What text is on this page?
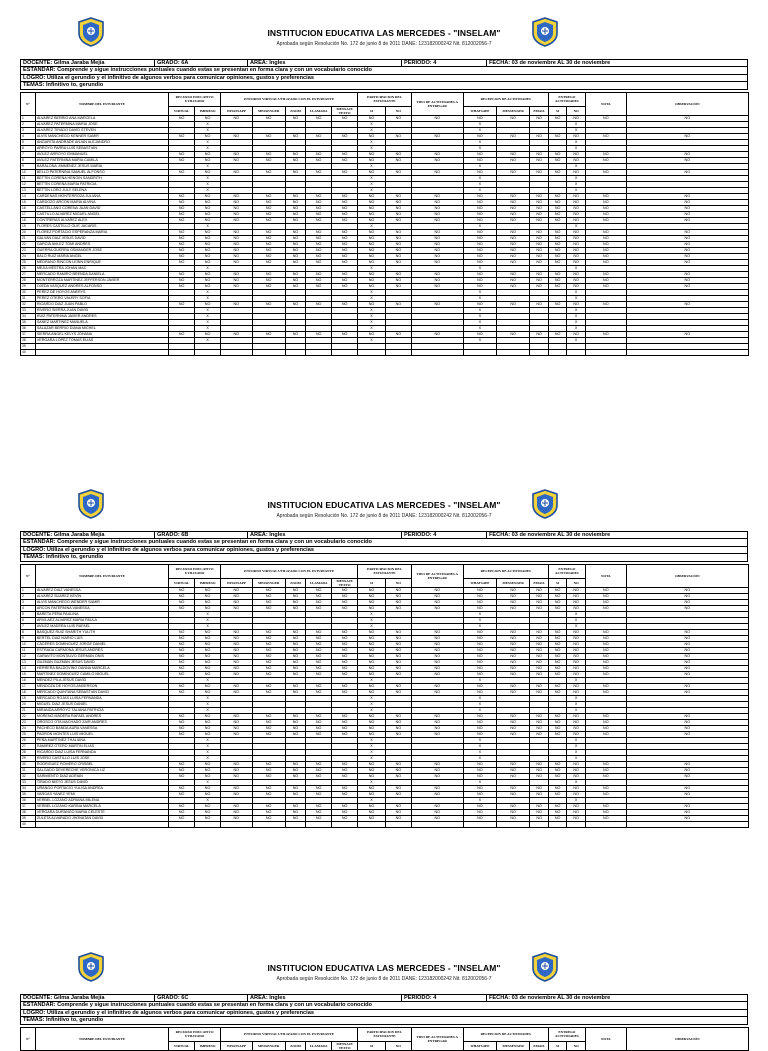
INSTITUCION EDUCATIVA LAS MERCEDES - "INSELAM"
Aprobada según Resolución No. 172 de junio 8 de 2011 DANE: 123182000242 Nit. 812002056-7
DOCENTE: Gilma Jaraba Mejía	GRADO: 6A	AREA: Ingles	PERIODO: 4	FECHA: 03 de noviembre AL 30 de noviembre
ESTANDAR: Comprende y sigue instrucciones puntuales cuando estas se presentan en forma clara y con un vocabulario conocido
LOGRO: Utiliza el gerundio y el infinitivo de algunos verbos para comunicar opiniones, gustos y preferencias
TEMAS: Infinitivo to, gerundio
N°	NOMBRE DEL ESTUDIANTE	RECURSO EDUCATIVO UTILIZADO		ENTORNO VIRTUAL UTILIZADO CON EL ESTUDIANTE					PARTICIPACION DEL ESTUDIANTE		TIPO DE ACTIVIDADES A ENTREGAR	RECEPCION DE ACTIVIDADES			ENTREGO ACTIVIDADES		NOTA	OBSERVACIÓN	
		VIRTUAL	IMPRESO	WHATSAPP	MESSENGER	ZOOM	LLAMADA	MENSAJE TEXTO	SI	NO		WHATSAPP	MESSENGER	EMAIL	SI	NO			
1	ALVAREZ BERRIO ANA MARCELA	NO	NO	NO	NO	NO	NO	NO	NO	NO	NO	NO	NO	NO	NO	NO	NO	NO	
2	ALVAREZ PATERNINA MARIA JOSE		X						X			X				X			
3	ALVAREZ TIRADO DAVID STEVEN		X						X			X				X			
4	ALVIS MANCHEGO KENNER SAMIR	NO	NO	NO	NO	NO	NO	NO	NO	NO	NO	NO	NO	NO	NO	NO	NO	NO	
5	ANGARITA ANDRADE ANJAN ALEJANDRO		X						X			X				X			
6	ARROYO PARRA LUIS SEBASTIAN		X						X			X				X			
7	AVILEZ ARROYO EMMANUEL	NO	NO	NO	NO	NO	NO	NO	NO	NO	NO	NO	NO	NO	NO	NO	NO	NO	
8	AVILEZ PATERNINA MARIA CAMILA	NO	NO	NO	NO	NO	NO	NO	NO	NO	NO	NO	NO	NO	NO	NO	NO	NO	
9	BARALONA JIMMENEZ JESUS MARIA		X						X			X				X			
10	BELLO PATERNINA SAMUEL ALFONSO	NO	NO	NO	NO	NO	NO	NO	NO	NO	NO	NO	NO	NO	NO	NO	NO	NO	
11	BETTIN CORENA HENOIN SANDRITH		X						X			X				X			
12	BETTIN CORENA MARIA PATRICIA		X						X			X				X			
13	BETTIN LORO JULY SELENA		X						X			X				X			
14	CARDENAS MONTERROZA JULIANA	NO	NO	NO	NO	NO	NO	NO	NO	NO	NO	NO	NO	NO	NO	NO	NO	NO	
15	CARDOZO ARCON MARIA ALVINA	NO	NO	NO	NO	NO	NO	NO	NO	NO	NO	NO	NO	NO	NO	NO	NO	NO	
16	CASTELLANO CORENA JUAN DAVID	NO	NO	NO	NO	NO	NO	NO	NO	NO	NO	NO	NO	NO	NO	NO	NO	NO	
17	CASTILLO ALVAREZ MIGUEL ANGEL	NO	NO	NO	NO	NO	NO	NO	NO	NO	NO	NO	NO	NO	NO	NO	NO	NO	
18	CONTRERAS ALVAREZ ALEX	NO	NO	NO	NO	NO	NO	NO	NO	NO	NO	NO	NO	NO	NO	NO	NO	NO	
19	FLORES CASTILLO OLIE JACARIS		X						X			X				X			
20	FLOREZ PORTACIO ESPERANZA MARIA	NO	NO	NO	NO	NO	NO	NO	NO	NO	NO	NO	NO	NO	NO	NO	NO	NO	
21	GALVAN DIAZ JESUS DAVID	NO	NO	NO	NO	NO	NO	NO	NO	NO	NO	NO	NO	NO	NO	NO	NO	NO	
22	GARCIA AVILEZ TOMI ANDRES	NO	NO	NO	NO	NO	NO	NO	NO	NO	NO	NO	NO	NO	NO	NO	NO	NO	
23	GUERRA GUERRA OSMANDER JOSE	NO	NO	NO	NO	NO	NO	NO	NO	NO	NO	NO	NO	NO	NO	NO	NO	NO	
24	BALO RUIZ MARIA ANGEL	NO	NO	NO	NO	NO	NO	NO	NO	NO	NO	NO	NO	NO	NO	NO	NO	NO	
25	MEDRANO RINCON LEINN ENRIQUE	NO	NO	NO	NO	NO	NO	NO	NO	NO	NO	NO	NO	NO	NO	NO	NO	NO	
26	MEJIA MESTRA JOHAN MAC		X						X			X				X			
27	MERCADO RAMIRO BRENDA DANIELA	NO	NO	NO	NO	NO	NO	NO	NO	NO	NO	NO	NO	NO	NO	NO	NO	NO	
28	MONTERROZA MARTINEZ JEFFERSON JAVIER	NO	NO	NO	NO	NO	NO	NO	NO	NO	NO	NO	NO	NO	NO	NO	NO	NO	
29	OJEDA VASQUEZ ANDRES ALFONSO	NO	NO	NO	NO	NO	NO	NO	NO	NO	NO	NO	NO	NO	NO	NO	NO	NO	
30	PEREZ DE HOYOS ANERYS		X						X			X				X			
31	PEREZ OTERO VALERY SOFIA		X						X			X				X			
32	RICARDO DIAZ JUAN PABLO	NO	NO	NO	NO	NO	NO	NO	NO	NO	NO	NO	NO	NO	NO	NO	NO	NO	
33	RIVERO SIERRA JUAN DAVID		X						X			X				X			
34	RUIZ PATERNINA JAVIER ANDRES		X						X			X				X			
35	SANEZ MARTINEZ MANUELA		X						X			X				X			
36	SALAZAR BERRIO DIANA MICHEL		X						X			X				X			
37	SIERRA ANGEL KELYS JOHANA	NO	NO	NO	NO	NO	NO	NO	NO	NO	NO	NO	NO	NO	NO	NO	NO	NO	
38	VERGARA LOPEZ TOMAS ELIAS		X						X			X				X			
39																			
40																			
INSTITUCION EDUCATIVA LAS MERCEDES - "INSELAM"
Aprobada según Resolución No. 172 de junio 8 de 2011 DANE: 123182000242 Nit. 812002056-7
DOCENTE: Gilma Jaraba Mejía	GRADO: 6B	AREA: Ingles	PERIODO: 4	FECHA: 03 de noviembre AL 30 de noviembre
ESTANDAR: Comprende y sigue instrucciones puntuales cuando estas se presentan en forma clara y con un vocabulario conocido
LOGRO: Utiliza el gerundio y el infinitivo de algunos verbos para comunicar opiniones, gustos y preferencias
TEMAS: Infinitivo to, gerundio
N°	NOMBRE DEL ESTUDIANTE	RECURSO EDUCATIVO UTILIZADO		ENTORNO VIRTUAL UTILIZADO CON EL ESTUDIANTE					PARTICIPACION DEL ESTUDIANTE		TIPO DE ACTIVIDADES A ENTREGAR	RECEPCION DE ACTIVIDADES			ENTREGO ACTIVIDADES		NOTA	OBSERVACIÓN	
		VIRTUAL	IMPRESO	WHATSAPP	MESSENGER	ZOOM	LLAMADA	MENSAJE TEXTO	SI	NO		WHATSAPP	MESSENGER	EMAIL	SI	NO			
1	ALVAREZ DIAZ VANESSA	NO	NO	NO	NO	NO	NO	NO	NO	NO	NO	NO	NO	NO	NO	NO	NO	NO	
2	ALVAREZ SUAREZ KEVIN	NO	NO	NO	NO	NO	NO	NO	NO	NO	NO	NO	NO	NO	NO	NO	NO	NO	
3	ALVIS MANCHEGO WENDER SAMIR	NO	NO	NO	NO	NO	NO	NO	NO	NO	NO	NO	NO	NO	NO	NO	NO	NO	
4	ARCON PATERNINA VANESSA	NO	NO	NO	NO	NO	NO	NO	NO	NO	NO	NO	NO	NO	NO	NO	NO	NO	
5	BARETA PEÑA PAULINA		X						X			X				X			
6	ARVILAEZ ALVAREZ MARIA PAULA		X						X			X				X			
7	AVILEZ MADERA LUIS RAFAEL		X						X			X				X			
8	BASQUEZ RUIZ SHARITH YULITH	NO	NO	NO	NO	NO	NO	NO	NO	NO	NO	NO	NO	NO	NO	NO	NO	NO	
9	BERTEL DIAZ MARIO LUIS	NO	NO	NO	NO	NO	NO	NO	NO	NO	NO	NO	NO	NO	NO	NO	NO	NO	
10	CACERES DOMINGUEZ JORGE DANIEL	NO	NO	NO	NO	NO	NO	NO	NO	NO	NO	NO	NO	NO	NO	NO	NO	NO	
11	ESTRADA CARMONA JESUS ANDRES	NO	NO	NO	NO	NO	NO	NO	NO	NO	NO	NO	NO	NO	NO	NO	NO	NO	
12	GARAVITO MONTALVO GERMAN ONIS	NO	NO	NO	NO	NO	NO	NO	NO	NO	NO	NO	NO	NO	NO	NO	NO	NO	
13	GUZMAN GUZMAN JESUS DAVID	NO	NO	NO	NO	NO	NO	NO	NO	NO	NO	NO	NO	NO	NO	NO	NO	NO	
14	HERRERA BALDOVINO DANNA MARCELA	NO	NO	NO	NO	NO	NO	NO	NO	NO	NO	NO	NO	NO	NO	NO	NO	NO	
15	MARTINEZ DOMINGUEZ CAMILO MIGUEL	NO	NO	NO	NO	NO	NO	NO	NO	NO	NO	NO	NO	NO	NO	NO	NO	NO	
16	MENDEZ PILA JESUS DAVID		X						X			X				X			
17	MENDOZA DE HOYOS ANDERSON	NO	NO	NO	NO	NO	NO	NO	NO	NO	NO	NO	NO	NO	NO	NO	NO	NO	
18	MERCADO QUINTANA SEBASTIAN DAVID	NO	NO	NO	NO	NO	NO	NO	NO	NO	NO	NO	NO	NO	NO	NO	NO	NO	
19	MERCADO ROJAS LUISA FERNANDA		X						X			X				X			
20	MIGUEL DIAZ JESUS DANIEL		X						X			X				X			
21	MIRANDA ARROYO TALIANA PATRICIA		X						X			X				X			
22	MORENO MADERA RAFAEL ANDRES	NO	NO	NO	NO	NO	NO	NO	NO	NO	NO	NO	NO	NO	NO	NO	NO	NO	
23	OROSCO OTA MACHADO ZAIR ANDRES	NO	NO	NO	NO	NO	NO	NO	NO	NO	NO	NO	NO	NO	NO	NO	NO	NO	
24	PACHECO BANDA AURA VANESSA	NO	NO	NO	NO	NO	NO	NO	NO	NO	NO	NO	NO	NO	NO	NO	NO	NO	
25	PADRON MONTES LUIS MIGUEL	NO	NO	NO	NO	NO	NO	NO	NO	NO	NO	NO	NO	NO	NO	NO	NO	NO	
26	PEÑA MARTINEZ THALIANA		X						X			X				X			
27	RAMIREZ OTERO MARTIN ELIAS		X						X			X				X			
28	RICARDO DIAZ LUISA FERNANDA		X						X			X				X			
29	RIVERO CASTILLO LUIS JOSE		X						X			X				X			
30	RODRIGUEZ ROMERO CRISBEL	NO	NO	NO	NO	NO	NO	NO	NO	NO	NO	NO	NO	NO	NO	NO	NO	NO	
31	SALGADO DEVERECHE VERONICA LIZ	NO	NO	NO	NO	NO	NO	NO	NO	NO	NO	NO	NO	NO	NO	NO	NO	NO	
32	SARMIENTO DIAZ ADRIAN	NO	NO	NO	NO	NO	NO	NO	NO	NO	NO	NO	NO	NO	NO	NO	NO	NO	
33	TIRADO NIETO JESUS DAVID		X						X			X				X			
34	URANGO PORTACIO YULISA ANDREA	NO	NO	NO	NO	NO	NO	NO	NO	NO	NO	NO	NO	NO	NO	NO	NO	NO	
35	VARGAS YANEZ YEMI	NO	NO	NO	NO	NO	NO	NO	NO	NO	NO	NO	NO	NO	NO	NO	NO	NO	
36	VERBEL LOZANO ADRIANA MILENA		X						X			X				X			
37	VERBEL LOZANO KARINA MARCELA	NO	NO	NO	NO	NO	NO	NO	NO	NO	NO	NO	NO	NO	NO	NO	NO	NO	
38	VERGARA DURANGO MARIA CELESTE	NO	NO	NO	NO	NO	NO	NO	NO	NO	NO	NO	NO	NO	NO	NO	NO	NO	
39	ZULETA ALVARADO JHONATAN DAVID	NO	NO	NO	NO	NO	NO	NO	NO	NO	NO	NO	NO	NO	NO	NO	NO	NO	
40																			
INSTITUCION EDUCATIVA LAS MERCEDES - "INSELAM"
Aprobada según Resolución No. 172 de junio 8 de 2011 DANE: 123182000242 Nit. 812002056-7
DOCENTE: Gilma Jaraba Mejía	GRADO: 6C	AREA: Ingles	PERIODO: 4	FECHA: 03 de noviembre AL 30 de noviembre
ESTANDAR: Comprende y sigue instrucciones puntuales cuando estas se presentan en forma clara y con un vocabulario conocido
LOGRO: Utiliza el gerundio y el infinitivo de algunos verbos para comunicar opiniones, gustos y preferencias
TEMAS: Infinitivo to, gerundio
N°	NOMBRE DEL ESTUDIANTE	RECURSO EDUCATIVO UTILIZADO		ENTORNO VIRTUAL UTILIZADO CON EL ESTUDIANTE					PARTICIPACION DEL ESTUDIANTE		TIPO DE ACTIVIDADES A ENTREGAR	RECEPCION DE ACTIVIDADES			ENTREGO ACTIVIDADES		NOTA	OBSERVACIÓN
		VIRTUAL	IMPRESO	WHATSAPP	MESSENGER	ZOOM	LLAMADA	MENSAJE TEXTO	SI	NO		WHATSAPP	MESSENGER	EMAIL	SI	NO		
